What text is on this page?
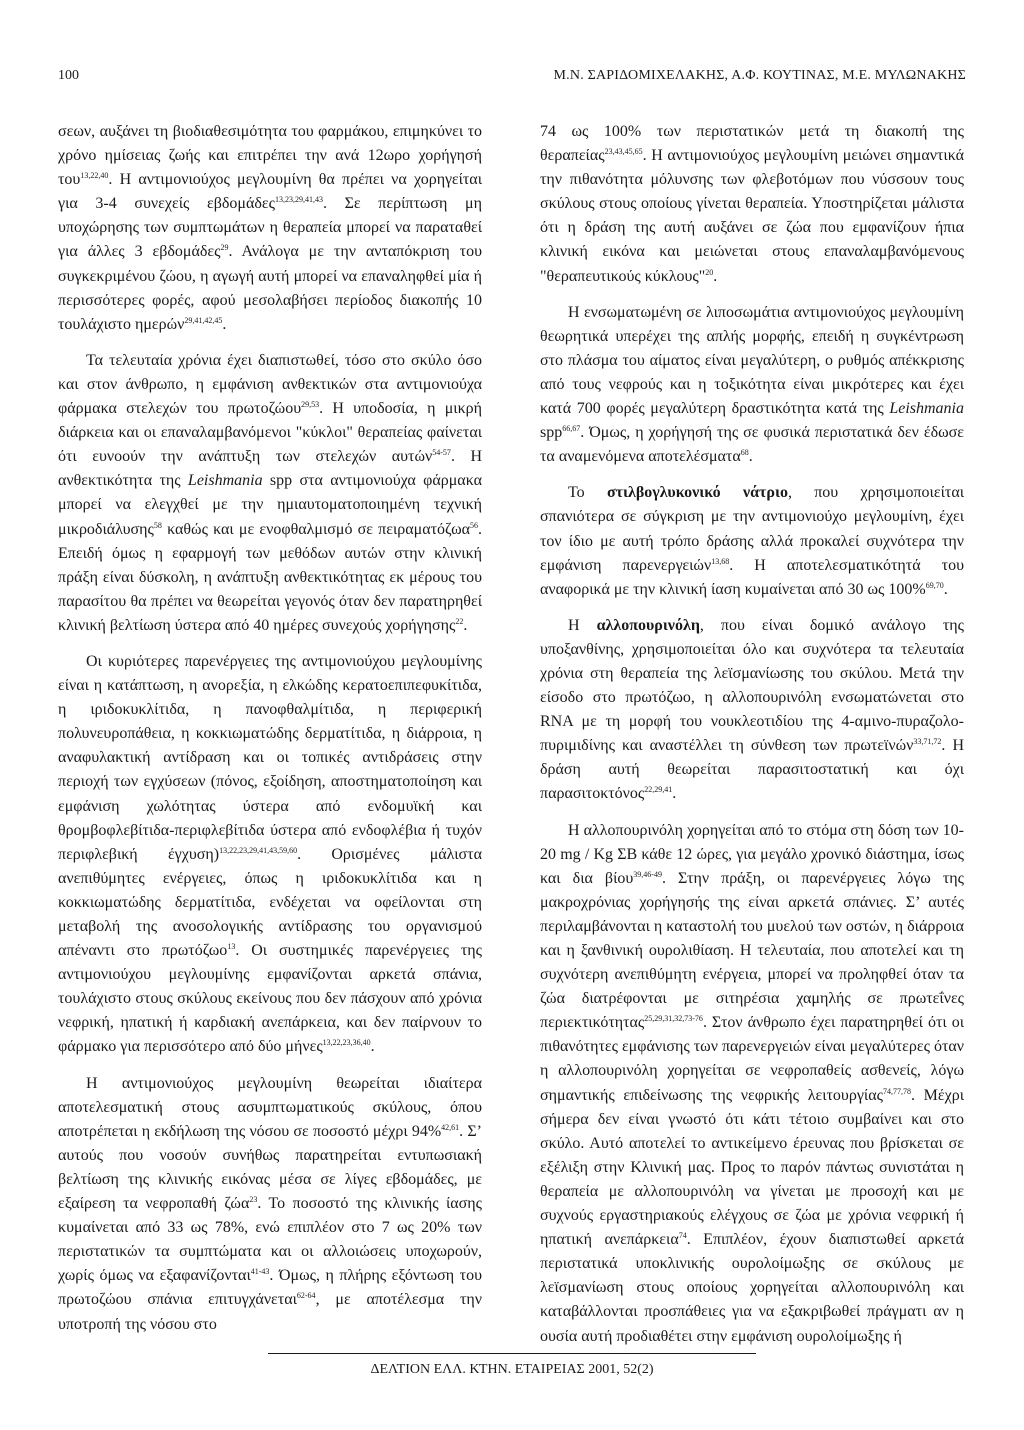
100	Μ.Ν. ΣΑΡΙΔΟΜΙΧΕΛΑΚΗΣ, Α.Φ. ΚΟΥΤΙΝΑΣ, Μ.Ε. ΜΥΛΩΝΑΚΗΣ

σεων, αυξάνει τη βιοδιαθεσιμότητα του φαρμάκου, επιμηκύνει το χρόνο ημίσειας ζωής και επιτρέπει την ανά 12ωρο χορήγησή του$^{13,22,40}$. Η αντιμονιούχος μεγλουμίνη θα πρέπει να χορηγείται για 3-4 συνεχείς εβδομάδες$^{13,23,29,41,43}$. Σε περίπτωση μη υποχώρησης των συμπτωμάτων η θεραπεία μπορεί να παραταθεί για άλλες 3 εβδομάδες$^{29}$. Ανάλογα με την ανταπόκριση του συγκεκριμένου ζώου, η αγωγή αυτή μπορεί να επαναληφθεί μία ή περισσότερες φορές, αφού μεσολαβήσει περίοδος διακοπής 10 τουλάχιστο ημερών$^{29,41,42,45}$.

Τα τελευταία χρόνια έχει διαπιστωθεί, τόσο στο σκύλο όσο και στον άνθρωπο, η εμφάνιση ανθεκτικών στα αντιμονιούχα φάρμακα στελεχών του πρωτοζώου$^{29,53}$. Η υποδοσία, η μικρή διάρκεια και οι επαναλαμβανόμενοι "κύκλοι" θεραπείας φαίνεται ότι ευνοούν την ανάπτυξη των στελεχών αυτών$^{54-57}$. Η ανθεκτικότητα της Leishmania spp στα αντιμονιούχα φάρμακα μπορεί να ελεγχθεί με την ημιαυτοματοποιημένη τεχνική μικροδιάλυσης$^{58}$ καθώς και με ενοφθαλμισμό σε πειραματόζωα$^{56}$. Επειδή όμως η εφαρμογή των μεθόδων αυτών στην κλινική πράξη είναι δύσκολη, η ανάπτυξη ανθεκτικότητας εκ μέρους του παρασίτου θα πρέπει να θεωρείται γεγονός όταν δεν παρατηρηθεί κλινική βελτίωση ύστερα από 40 ημέρες συνεχούς χορήγησης$^{22}$.

Οι κυριότερες παρενέργειες της αντιμονιούχου μεγλουμίνης είναι η κατάπτωση, η ανορεξία, η ελκώδης κερατοεπιπεφυκίτιδα, η ιριδοκυκλίτιδα, η πανοφθαλμίτιδα, η περιφερική πολυνευροπάθεια, η κοκκιωματώδης δερματίτιδα, η διάρροια, η αναφυλακτική αντίδραση και οι τοπικές αντιδράσεις στην περιοχή των εγχύσεων (πόνος, εξοίδηση, αποστηματοποίηση και εμφάνιση χωλότητας ύστερα από ενδομυϊκή και θρομβοφλεβίτιδα-περιφλεβίτιδα ύστερα από ενδοφλέβια ή τυχόν περιφλεβική έγχυση)$^{13,22,23,29,41,43,59,60}$. Ορισμένες μάλιστα ανεπιθύμητες ενέργειες, όπως η ιριδοκυκλίτιδα και η κοκκιωματώδης δερματίτιδα, ενδέχεται να οφείλονται στη μεταβολή της ανοσολογικής αντίδρασης του οργανισμού απέναντι στο πρωτόζωο$^{13}$. Οι συστημικές παρενέργειες της αντιμονιούχου μεγλουμίνης εμφανίζονται αρκετά σπάνια, τουλάχιστο στους σκύλους εκείνους που δεν πάσχουν από χρόνια νεφρική, ηπατική ή καρδιακή ανεπάρκεια, και δεν παίρνουν το φάρμακο για περισσότερο από δύο μήνες$^{13,22,23,36,40}$.

Η αντιμονιούχος μεγλουμίνη θεωρείται ιδιαίτερα αποτελεσματική στους ασυμπτωματικούς σκύλους, όπου αποτρέπεται η εκδήλωση της νόσου σε ποσοστό μέχρι 94%$^{42,61}$. Σ’ αυτούς που νοσούν συνήθως παρατηρείται εντυπωσιακή βελτίωση της κλινικής εικόνας μέσα σε λίγες εβδομάδες, με εξαίρεση τα νεφροπαθή ζώα$^{23}$. Το ποσοστό της κλινικής ίασης κυμαίνεται από 33 ως 78%, ενώ επιπλέον στο 7 ως 20% των περιστατικών τα συμπτώματα και οι αλλοιώσεις υποχωρούν, χωρίς όμως να εξαφανίζονται$^{41-43}$. Όμως, η πλήρης εξόντωση του πρωτοζώου σπάνια επιτυγχάνεται$^{62-64}$, με αποτέλεσμα την υποτροπή της νόσου στο

74 ως 100% των περιστατικών μετά τη διακοπή της θεραπείας$^{23,43,45,65}$. Η αντιμονιούχος μεγλουμίνη μειώνει σημαντικά την πιθανότητα μόλυνσης των φλεβοτόμων που νύσσουν τους σκύλους στους οποίους γίνεται θεραπεία. Υποστηρίζεται μάλιστα ότι η δράση της αυτή αυξάνει σε ζώα που εμφανίζουν ήπια κλινική εικόνα και μειώνεται στους επαναλαμβανόμενους "θεραπευτικούς κύκλους"$^{20}$.

Η ενσωματωμένη σε λιποσωμάτια αντιμονιούχος μεγλουμίνη θεωρητικά υπερέχει της απλής μορφής, επειδή η συγκέντρωση στο πλάσμα του αίματος είναι μεγαλύτερη, ο ρυθμός απέκκρισης από τους νεφρούς και η τοξικότητα είναι μικρότερες και έχει κατά 700 φορές μεγαλύτερη δραστικότητα κατά της Leishmania spp$^{66,67}$. Όμως, η χορήγησή της σε φυσικά περιστατικά δεν έδωσε τα αναμενόμενα αποτελέσματα$^{68}$.

Το στιλβογλυκονικό νάτριο, που χρησιμοποιείται σπανιότερα σε σύγκριση με την αντιμονιούχο μεγλουμίνη, έχει τον ίδιο με αυτή τρόπο δράσης αλλά προκαλεί συχνότερα την εμφάνιση παρενεργειών$^{13,68}$. Η αποτελεσματικότητά του αναφορικά με την κλινική ίαση κυμαίνεται από 30 ως 100%$^{69,70}$.

Η αλλοπουρινόλη, που είναι δομικό ανάλογο της υποξανθίνης, χρησιμοποιείται όλο και συχνότερα τα τελευταία χρόνια στη θεραπεία της λεϊσμανίωσης του σκύλου. Μετά την είσοδο στο πρωτόζωο, η αλλοπουρινόλη ενσωματώνεται στο RNA με τη μορφή του νουκλεοτιδίου της 4-αμινο-πυραζολο-πυριμιδίνης και αναστέλλει τη σύνθεση των πρωτεϊνών$^{33,71,72}$. Η δράση αυτή θεωρείται παρασιτοστατική και όχι παρασιτοκτόνος$^{22,29,41}$.

Η αλλοπουρινόλη χορηγείται από το στόμα στη δόση των 10-20 mg / Kg ΣΒ κάθε 12 ώρες, για μεγάλο χρονικό διάστημα, ίσως και δια βίου$^{39,46-49}$. Στην πράξη, οι παρενέργειες λόγω της μακροχρόνιας χορήγησής της είναι αρκετά σπάνιες. Σ’ αυτές περιλαμβάνονται η καταστολή του μυελού των οστών, η διάρροια και η ξανθινική ουρολιθίαση. Η τελευταία, που αποτελεί και τη συχνότερη ανεπιθύμητη ενέργεια, μπορεί να προληφθεί όταν τα ζώα διατρέφονται με σιτηρέσια χαμηλής σε πρωτεΐνες περιεκτικότητας$^{25,29,31,32,73-76}$. Στον άνθρωπο έχει παρατηρηθεί ότι οι πιθανότητες εμφάνισης των παρενεργειών είναι μεγαλύτερες όταν η αλλοπουρινόλη χορηγείται σε νεφροπαθείς ασθενείς, λόγω σημαντικής επιδείνωσης της νεφρικής λειτουργίας$^{74,77,78}$. Μέχρι σήμερα δεν είναι γνωστό ότι κάτι τέτοιο συμβαίνει και στο σκύλο. Αυτό αποτελεί το αντικείμενο έρευνας που βρίσκεται σε εξέλιξη στην Κλινική μας. Προς το παρόν πάντως συνιστάται η θεραπεία με αλλοπουρινόλη να γίνεται με προσοχή και με συχνούς εργαστηριακούς ελέγχους σε ζώα με χρόνια νεφρική ή ηπατική ανεπάρκεια$^{74}$. Επιπλέον, έχουν διαπιστωθεί αρκετά περιστατικά υποκλινικής ουρολοίμωξης σε σκύλους με λεϊσμανίωση στους οποίους χορηγείται αλλοπουρινόλη και καταβάλλονται προσπάθειες για να εξακριβωθεί πράγματι αν η ουσία αυτή προδιαθέτει στην εμφάνιση ουρολοίμωξης ή

ΔΕΛΤΙΟΝ ΕΛΛ. ΚΤΗΝ. ΕΤΑΙΡΕΙΑΣ 2001, 52(2)
